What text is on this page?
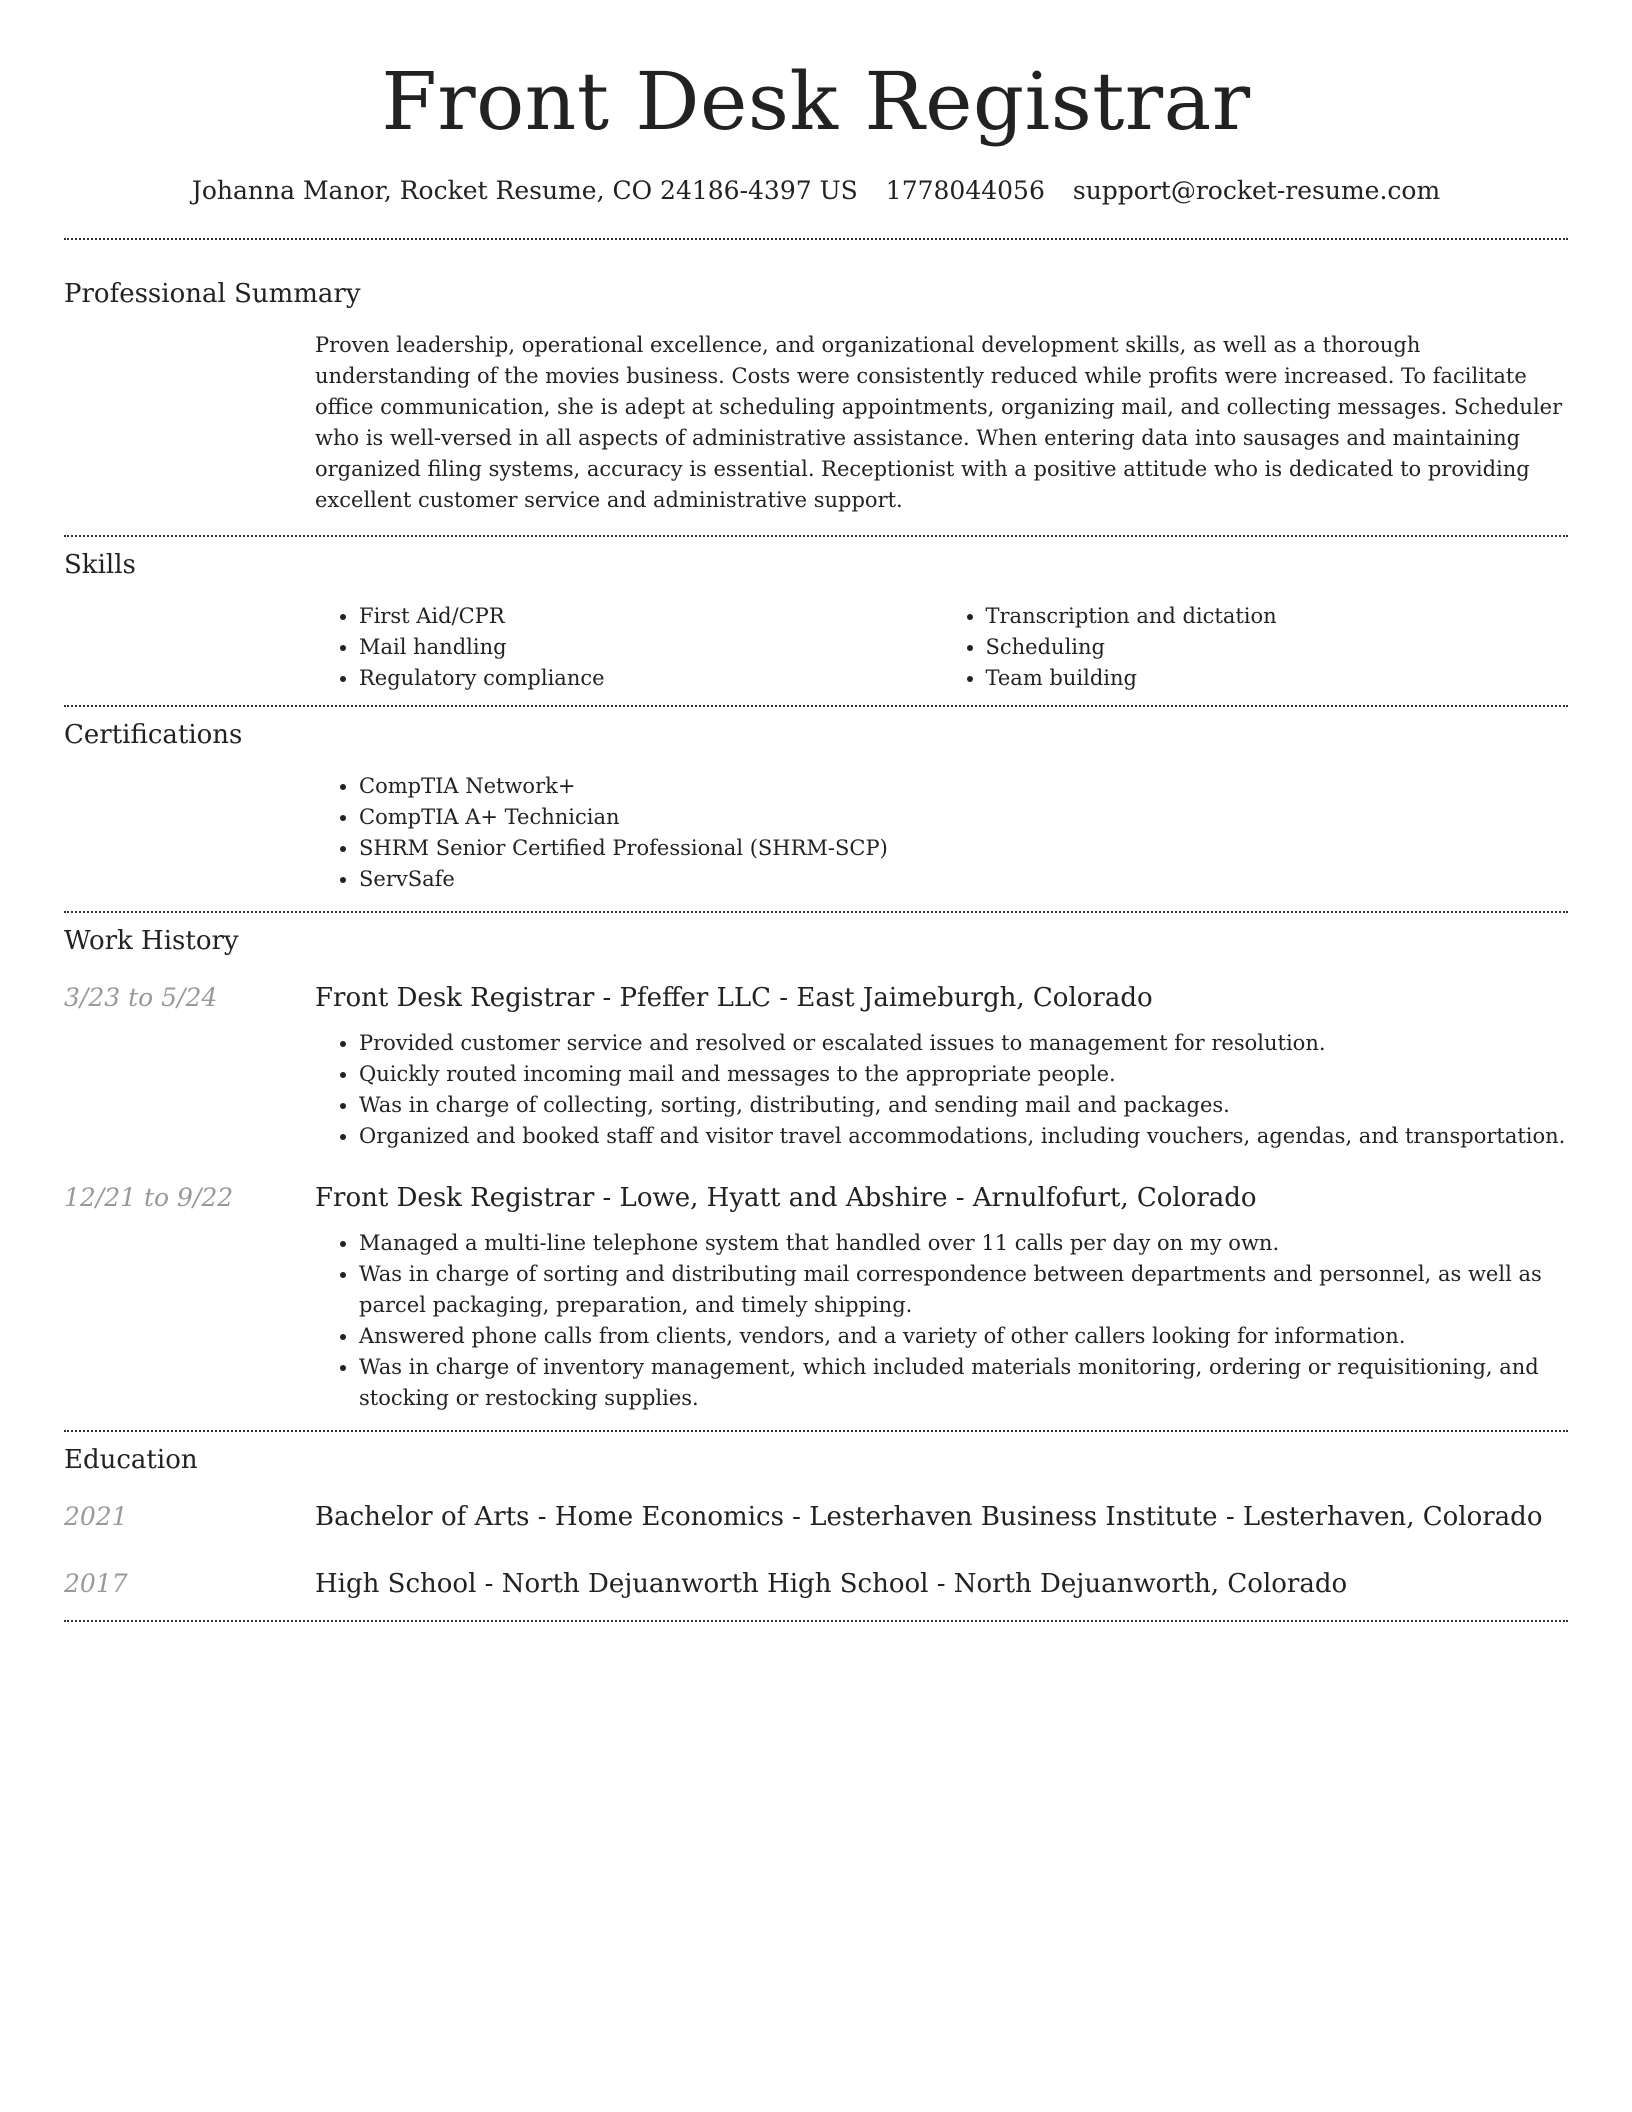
Front Desk Registrar
Johanna Manor, Rocket Resume, CO 24186-4397 US 1778044056 support@rocket-resume.com
Professional Summary

Proven leadership, operational excellence, and organizational development skills, as well as a thorough understanding of the movies business. Costs were consistently reduced while profits were increased. To facilitate office communication, she is adept at scheduling appointments, organizing mail, and collecting messages. Scheduler who is well-versed in all aspects of administrative assistance. When entering data into sausages and maintaining organized filing systems, accuracy is essential. Receptionist with a positive attitude who is dedicated to providing excellent customer service and administrative support.

Skills
• First Aid/CPR
• Mail handling
• Regulatory compliance
• Transcription and dictation
• Scheduling
• Team building
Certifications
• CompTIA Network+
• CompTIA A+ Technician
• SHRM Senior Certified Professional (SHRM-SCP)
• ServSafe
Work History
3/23 to 5/24	Front Desk Registrar - Pfeffer LLC - East Jaimeburgh, Colorado
• Provided customer service and resolved or escalated issues to management for resolution.
• Quickly routed incoming mail and messages to the appropriate people.
• Was in charge of collecting, sorting, distributing, and sending mail and packages.
• Organized and booked staff and visitor travel accommodations, including vouchers, agendas, and transportation.
12/21 to 9/22	Front Desk Registrar - Lowe, Hyatt and Abshire - Arnulfofurt, Colorado
• Managed a multi-line telephone system that handled over 11 calls per day on my own.
• Was in charge of sorting and distributing mail correspondence between departments and personnel, as well as parcel packaging, preparation, and timely shipping.
• Answered phone calls from clients, vendors, and a variety of other callers looking for information.
• Was in charge of inventory management, which included materials monitoring, ordering or requisitioning, and stocking or restocking supplies.
Education
2021	Bachelor of Arts - Home Economics - Lesterhaven Business Institute - Lesterhaven, Colorado
2017	High School - North Dejuanworth High School - North Dejuanworth, Colorado
